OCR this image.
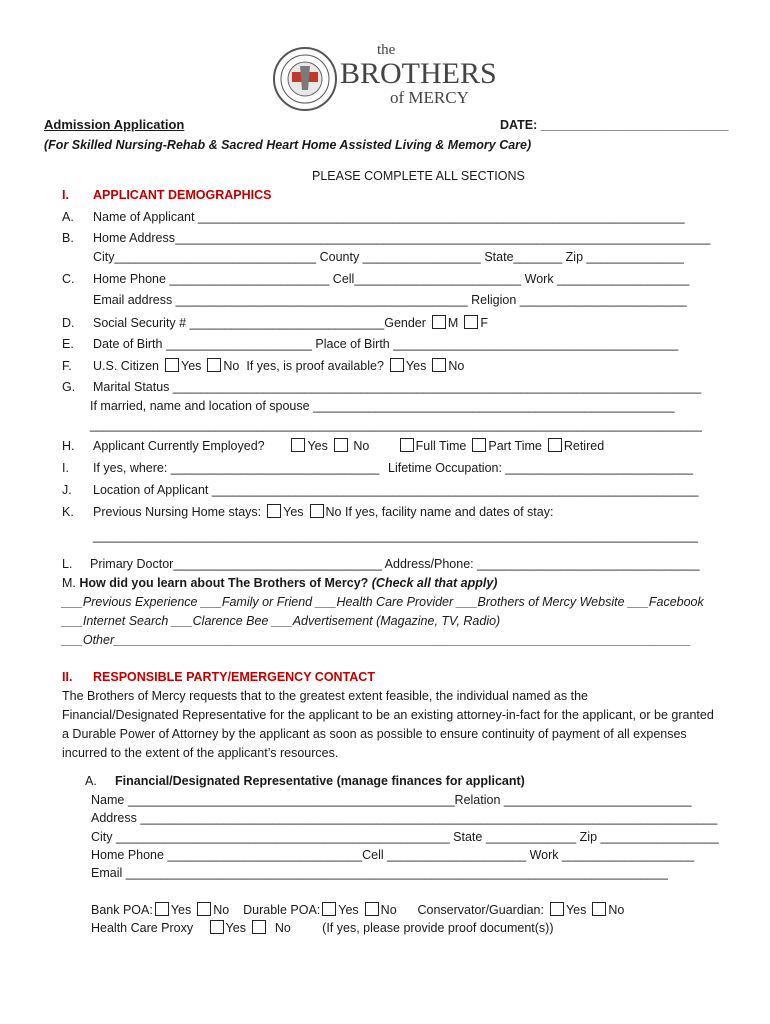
the
BROTHERS
of MERCY
Admission Application	DATE: ___________________________
(For Skilled Nursing-Rehab & Sacred Heart Home Assisted Living & Memory Care)
PLEASE COMPLETE ALL SECTIONS
I. APPLICANT DEMOGRAPHICS
A. Name of Applicant ______________________________________________________________________
B. Home Address_____________________________________________________________________________
City_____________________________ County _________________ State_______ Zip ______________
C. Home Phone _______________________ Cell________________________ Work ___________________
Email address __________________________________________ Religion ________________________
D. Social Security # ____________________________Gender M F
E. Date of Birth _____________________ Place of Birth _________________________________________
F. U.S. Citizen Yes No If yes, is proof available? Yes No
G. Marital Status ____________________________________________________________________________
If married, name and location of spouse ____________________________________________________
________________________________________________________________________________________
H. Applicant Currently Employed?	Yes No	Full Time Part Time Retired
I. If yes, where: ______________________________ Lifetime Occupation: ___________________________
J. Location of Applicant ______________________________________________________________________
K. Previous Nursing Home stays: Yes No If yes, facility name and dates of stay:
_______________________________________________________________________________________
L. Primary Doctor______________________________ Address/Phone: ________________________________
M. How did you learn about The Brothers of Mercy? (Check all that apply)
___Previous Experience ___Family or Friend ___Health Care Provider ___Brothers of Mercy Website ___Facebook
___Internet Search ___Clarence Bee ___Advertisement (Magazine, TV, Radio)
___Other___________________________________________________________________________________
II. RESPONSIBLE PARTY/EMERGENCY CONTACT
The Brothers of Mercy requests that to the greatest extent feasible, the individual named as the
Financial/Designated Representative for the applicant to be an existing attorney-in-fact for the applicant, or be granted
a Durable Power of Attorney by the applicant as soon as possible to ensure continuity of payment of all expenses
incurred to the extent of the applicant’s resources.
A. Financial/Designated Representative (manage finances for applicant)
Name _______________________________________________Relation ___________________________
Address ___________________________________________________________________________________
City ________________________________________________ State _____________ Zip _________________
Home Phone ____________________________Cell ____________________ Work ___________________
Email ______________________________________________________________________________
Bank POA: Yes No Durable POA: Yes No Conservator/Guardian: Yes No
Health Care Proxy	Yes No	(If yes, please provide proof document(s))
